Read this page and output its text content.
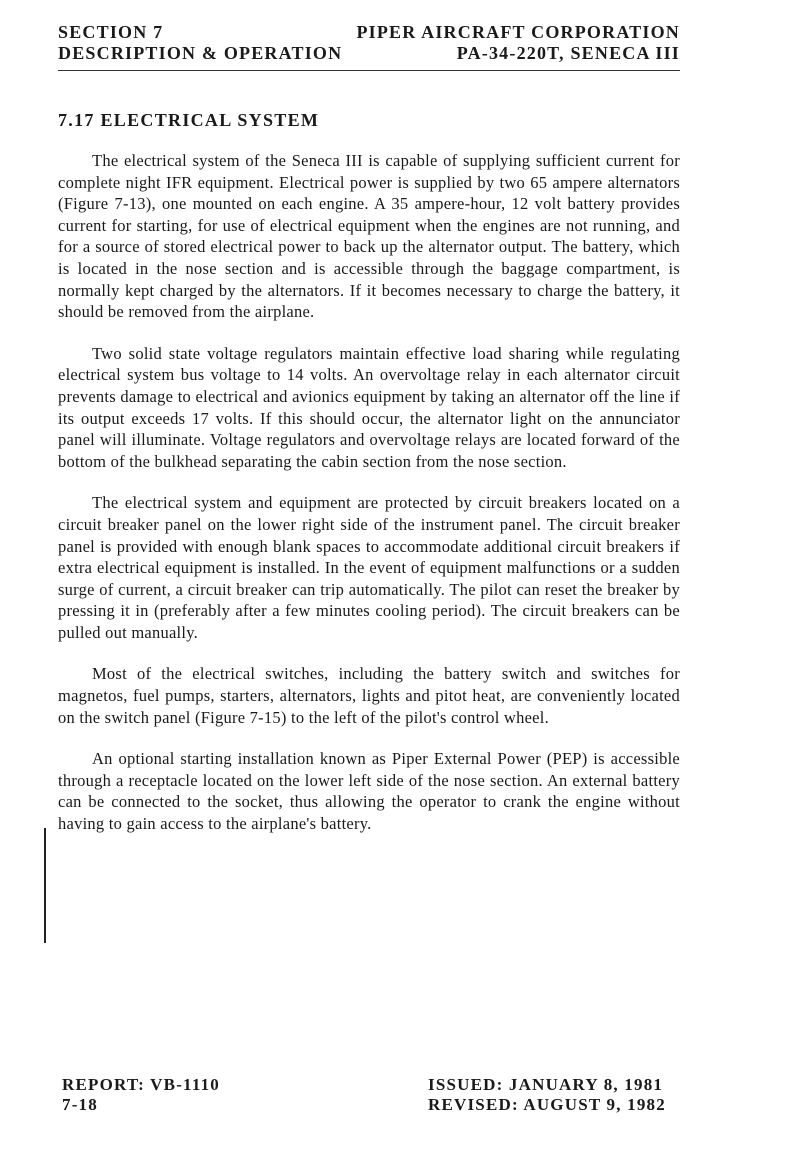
SECTION 7	PIPER AIRCRAFT CORPORATION
DESCRIPTION & OPERATION	PA-34-220T, SENECA III
7.17 ELECTRICAL SYSTEM

The electrical system of the Seneca III is capable of supplying sufficient current for complete night IFR equipment. Electrical power is supplied by two 65 ampere alternators (Figure 7-13), one mounted on each engine. A 35 ampere-hour, 12 volt battery provides current for starting, for use of electrical equipment when the engines are not running, and for a source of stored electrical power to back up the alternator output. The battery, which is located in the nose section and is accessible through the baggage compartment, is normally kept charged by the alternators. If it becomes necessary to charge the battery, it should be removed from the airplane.

Two solid state voltage regulators maintain effective load sharing while regulating electrical system bus voltage to 14 volts. An overvoltage relay in each alternator circuit prevents damage to electrical and avionics equipment by taking an alternator off the line if its output exceeds 17 volts. If this should occur, the alternator light on the annunciator panel will illuminate. Voltage regulators and overvoltage relays are located forward of the bottom of the bulkhead separating the cabin section from the nose section.

The electrical system and equipment are protected by circuit breakers located on a circuit breaker panel on the lower right side of the instrument panel. The circuit breaker panel is provided with enough blank spaces to accommodate additional circuit breakers if extra electrical equipment is installed. In the event of equipment malfunctions or a sudden surge of current, a circuit breaker can trip automatically. The pilot can reset the breaker by pressing it in (preferably after a few minutes cooling period). The circuit breakers can be pulled out manually.

Most of the electrical switches, including the battery switch and switches for magnetos, fuel pumps, starters, alternators, lights and pitot heat, are conveniently located on the switch panel (Figure 7-15) to the left of the pilot's control wheel.

An optional starting installation known as Piper External Power (PEP) is accessible through a receptacle located on the lower left side of the nose section. An external battery can be connected to the socket, thus allowing the operator to crank the engine without having to gain access to the airplane's battery.

REPORT: VB-1110	ISSUED: JANUARY 8, 1981
7-18	REVISED: AUGUST 9, 1982
